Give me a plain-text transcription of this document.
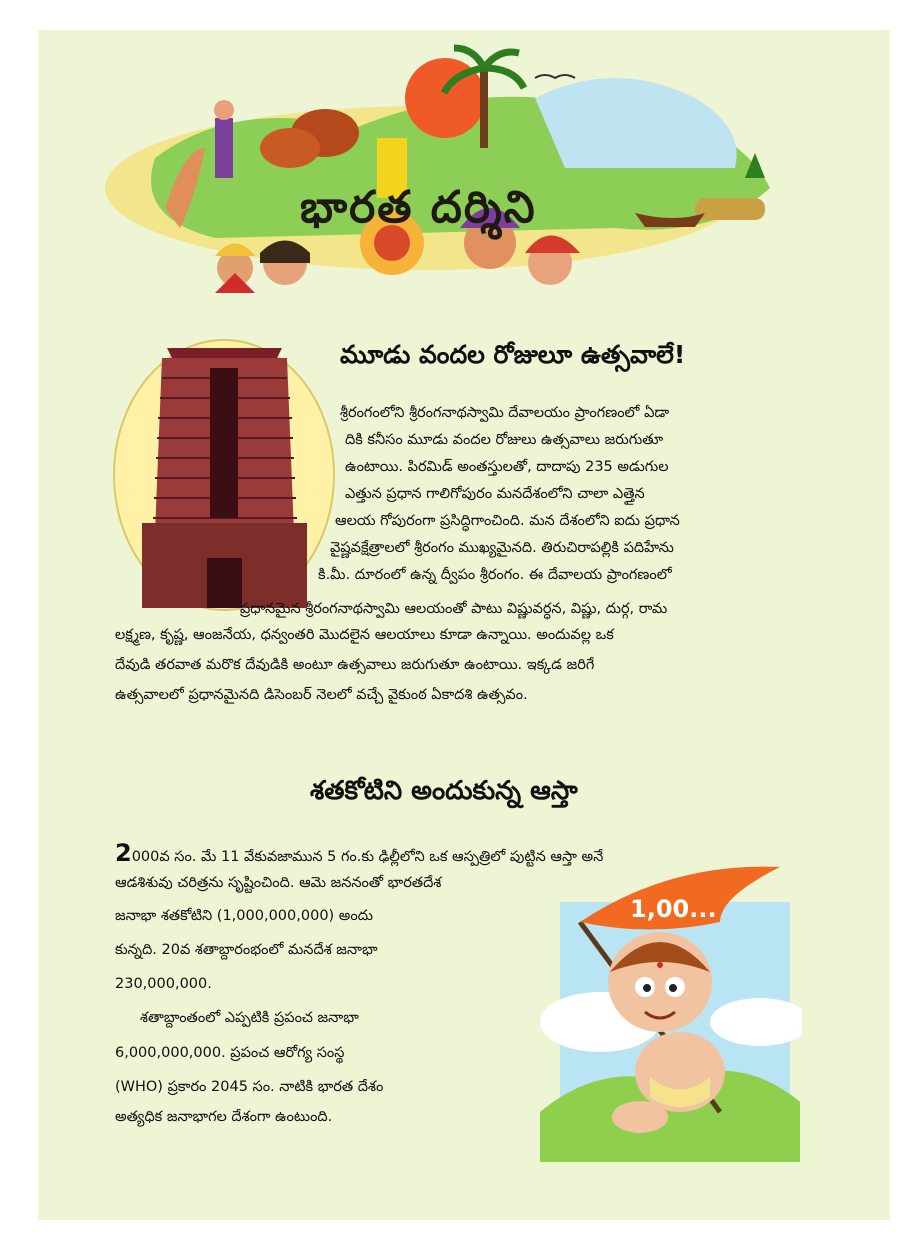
భారత దర్శిని
మూడు వందల రోజులూ ఉత్సవాలే!
శ్రీరంగంలోని శ్రీరంగనాథస్వామి దేవాలయం ప్రాంగణంలో ఏడా
దికి కనీసం మూడు వందల రోజులు ఉత్సవాలు జరుగుతూ
ఉంటాయి. పిరమిడ్ అంతస్తులతో, దాదాపు 235 అడుగుల
ఎత్తున ప్రధాన గాలిగోపురం మనదేశంలోని చాలా ఎత్తైన
ఆలయ గోపురంగా ప్రసిద్ధిగాంచింది. మన దేశంలోని ఐదు ప్రధాన
వైష్ణవక్షేత్రాలలో శ్రీరంగం ముఖ్యమైనది. తిరుచిరాపల్లికి పదిహేను
కి.మీ. దూరంలో ఉన్న ద్వీపం శ్రీరంగం. ఈ దేవాలయ ప్రాంగణంలో
ప్రధానమైన శ్రీరంగనాథస్వామి ఆలయంతో పాటు విష్ణువర్ధన, విష్ణు, దుర్గ, రామ
లక్ష్మణ, కృష్ణ, ఆంజనేయ, ధన్వంతరి మొదలైన ఆలయాలు కూడా ఉన్నాయి. అందువల్ల ఒక
దేవుడి తరవాత మరొక దేవుడికి అంటూ ఉత్సవాలు జరుగుతూ ఉంటాయి. ఇక్కడ జరిగే
ఉత్సవాలలో ప్రధానమైనది డిసెంబర్ నెలలో వచ్చే వైకుంఠ ఏకాదశి ఉత్సవం.
శతకోటిని అందుకున్న ఆస్తా
2000వ సం. మే 11 వేకువజామున 5 గం.కు ఢిల్లీలోని ఒక ఆస్పత్రిలో పుట్టిన ఆస్తా అనే
ఆడశిశువు చరిత్రను సృష్టించింది. ఆమె జననంతో భారతదేశ
జనాభా శతకోటిని (1,000,000,000) అందు
కున్నది. 20వ శతాబ్దారంభంలో మనదేశ జనాభా
230,000,000.
శతాబ్దాంతంలో ఎప్పటికి ప్రపంచ జనాభా
6,000,000,000. ప్రపంచ ఆరోగ్య సంస్థ
(WHO) ప్రకారం 2045 సం. నాటికి భారత దేశం
అత్యధిక జనాభాగల దేశంగా ఉంటుంది.
1,00...
